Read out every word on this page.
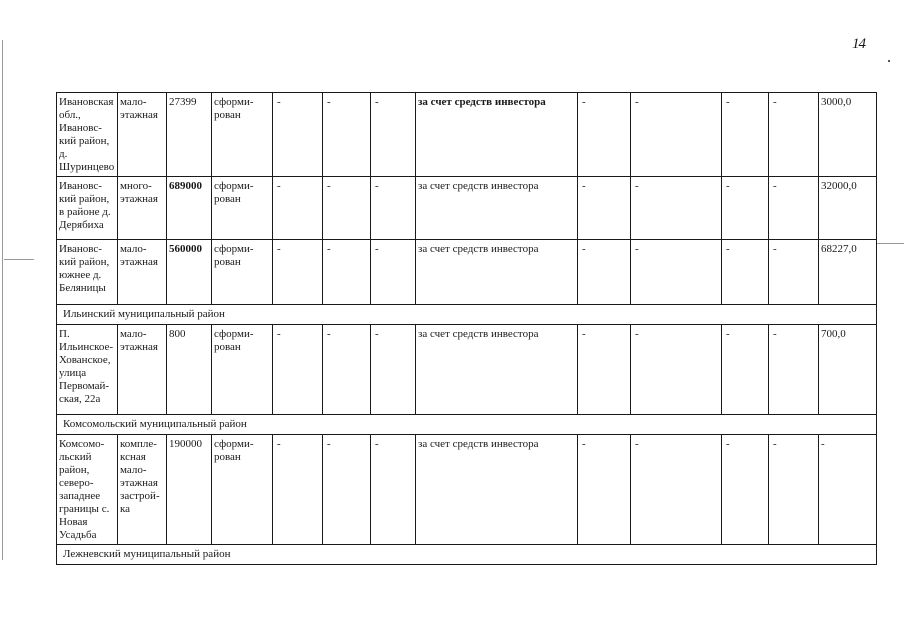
14
Ивановская обл., Ивановс-кий район, д. Шуринцево	мало-этажная	27399	сформи-рован	-	-	-	за счет средств инвестора	-	-	-	-	3000,0
Ивановс-кий район, в районе д. Дерябиха	много-этажная	689000	сформи-рован	-	-	-	за счет средств инвестора	-	-	-	-	32000,0
Ивановс-кий район, южнее д. Беляницы	мало-этажная	560000	сформи-рован	-	-	-	за счет средств инвестора	-	-	-	-	68227,0
Ильинский муниципальный район												
П. Ильинское-Хованское, улица Первомай-ская, 22а	мало-этажная	800	сформи-рован	-	-	-	за счет средств инвестора	-	-	-	-	700,0
Комсомольский муниципальный район												
Комсомо-льский район, северо-западнее границы с. Новая Усадьба	компле-ксная мало-этажная застрой-ка	190000	сформи-рован	-	-	-	за счет средств инвестора	-	-	-	-	-
Лежневский муниципальный район												
